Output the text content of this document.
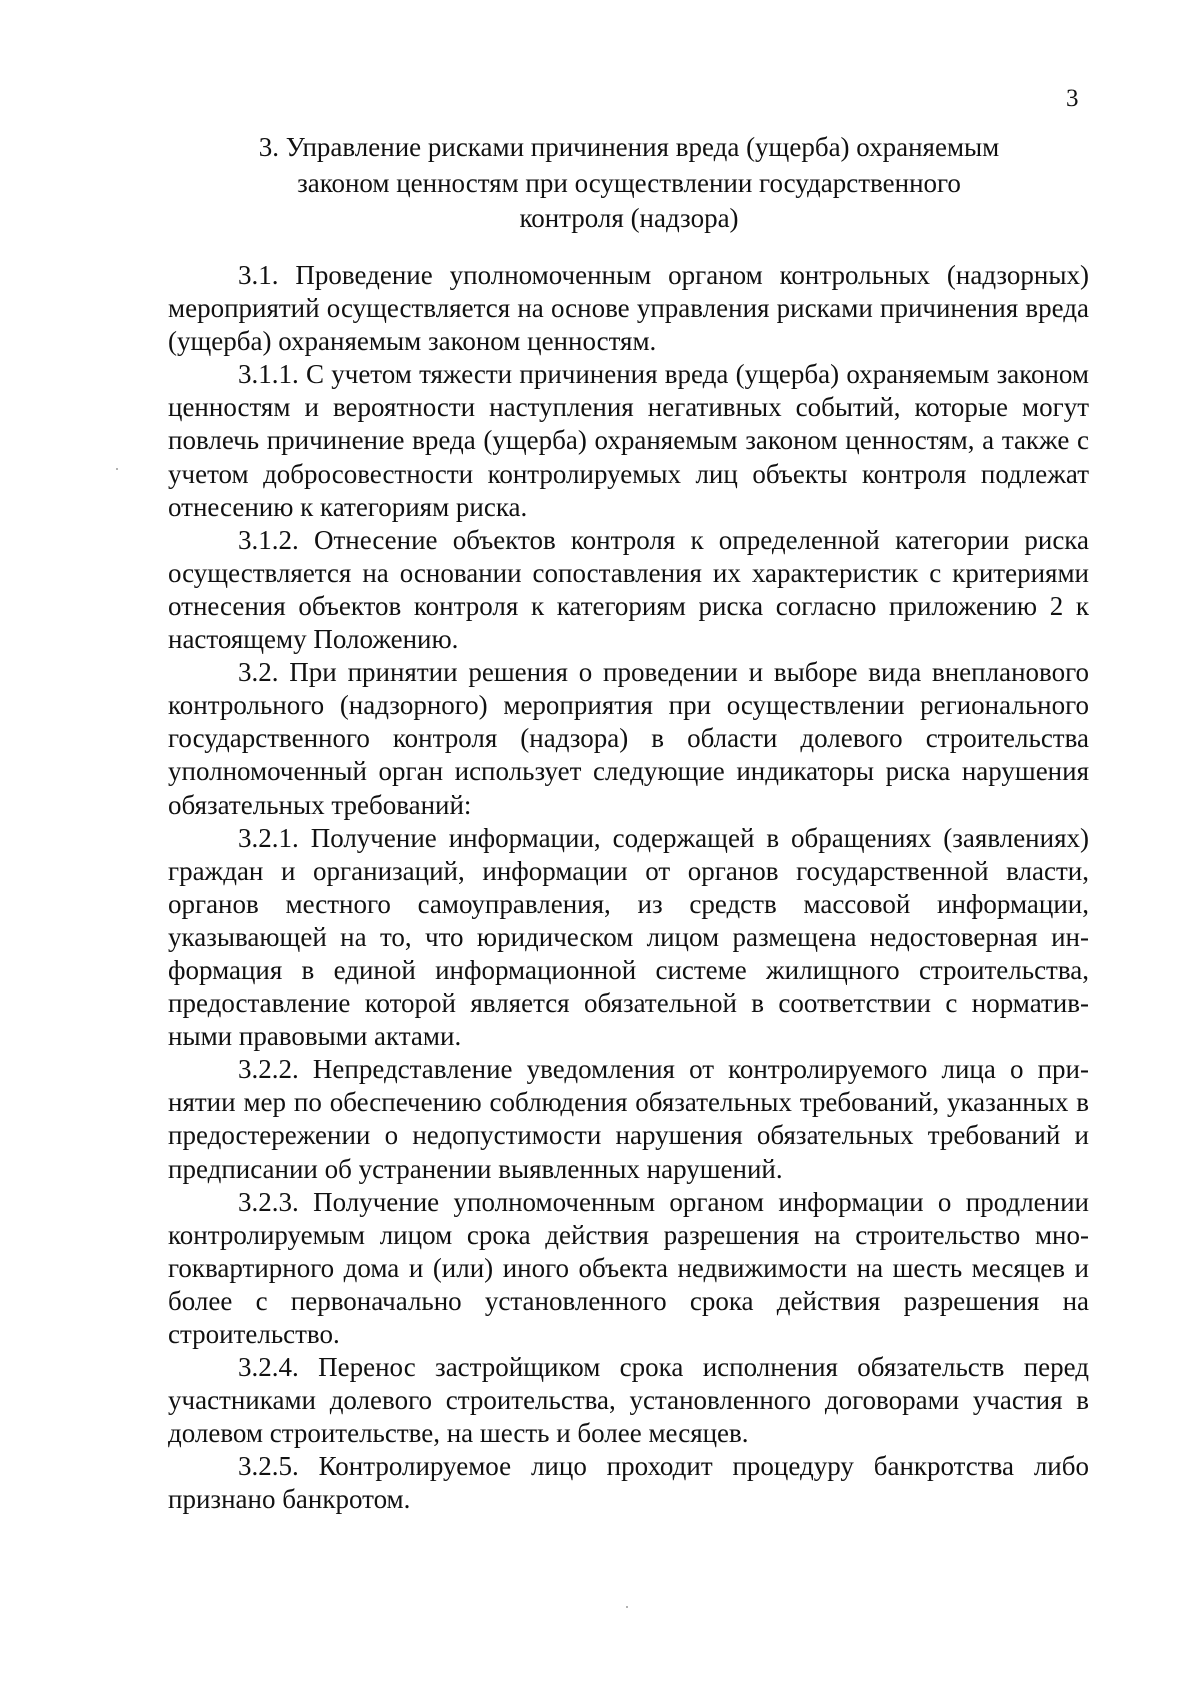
3
3. Управление рисками причинения вреда (ущерба) охраняемым
законом ценностям при осуществлении государственного
контроля (надзора)

3.1. Проведение уполномоченным органом контрольных (надзорных) мероприятий осуществляется на основе управления рисками причинения вреда (ущерба) охраняемым законом ценностям.

3.1.1. С учетом тяжести причинения вреда (ущерба) охраняемым законом ценностям и вероятности наступления негативных событий, которые могут повлечь причинение вреда (ущерба) охраняемым законом ценностям, а также с учетом добросовестности контролируемых лиц объекты контроля подлежат отнесению к категориям риска.

3.1.2. Отнесение объектов контроля к определенной категории риска осуществляется на основании сопоставления их характеристик с критериями отнесения объектов контроля к категориям риска согласно приложению 2 к настоящему Положению.

3.2. При принятии решения о проведении и выборе вида внепланового контрольного (надзорного) мероприятия при осуществлении регионального государственного контроля (надзора) в области долевого строительства уполномоченный орган использует следующие индикаторы риска нарушения обязательных требований:

3.2.1. Получение информации, содержащей в обращениях (заявлениях) граждан и организаций, информации от органов государственной власти, органов местного самоуправления, из средств массовой информации, указывающей на то, что юридическом лицом размещена недостоверная информация в единой информационной системе жилищного строительства, предоставление которой является обязательной в соответствии с нормативными правовыми актами.

3.2.2. Непредставление уведомления от контролируемого лица о принятии мер по обеспечению соблюдения обязательных требований, указанных в предостережении о недопустимости нарушения обязательных требований и предписании об устранении выявленных нарушений.

3.2.3. Получение уполномоченным органом информации о продлении контролируемым лицом срока действия разрешения на строительство многоквартирного дома и (или) иного объекта недвижимости на шесть месяцев и более с первоначально установленного срока действия разрешения на строительство.

3.2.4. Перенос застройщиком срока исполнения обязательств перед участниками долевого строительства, установленного договорами участия в долевом строительстве, на шесть и более месяцев.

3.2.5. Контролируемое лицо проходит процедуру банкротства либо признано банкротом.
